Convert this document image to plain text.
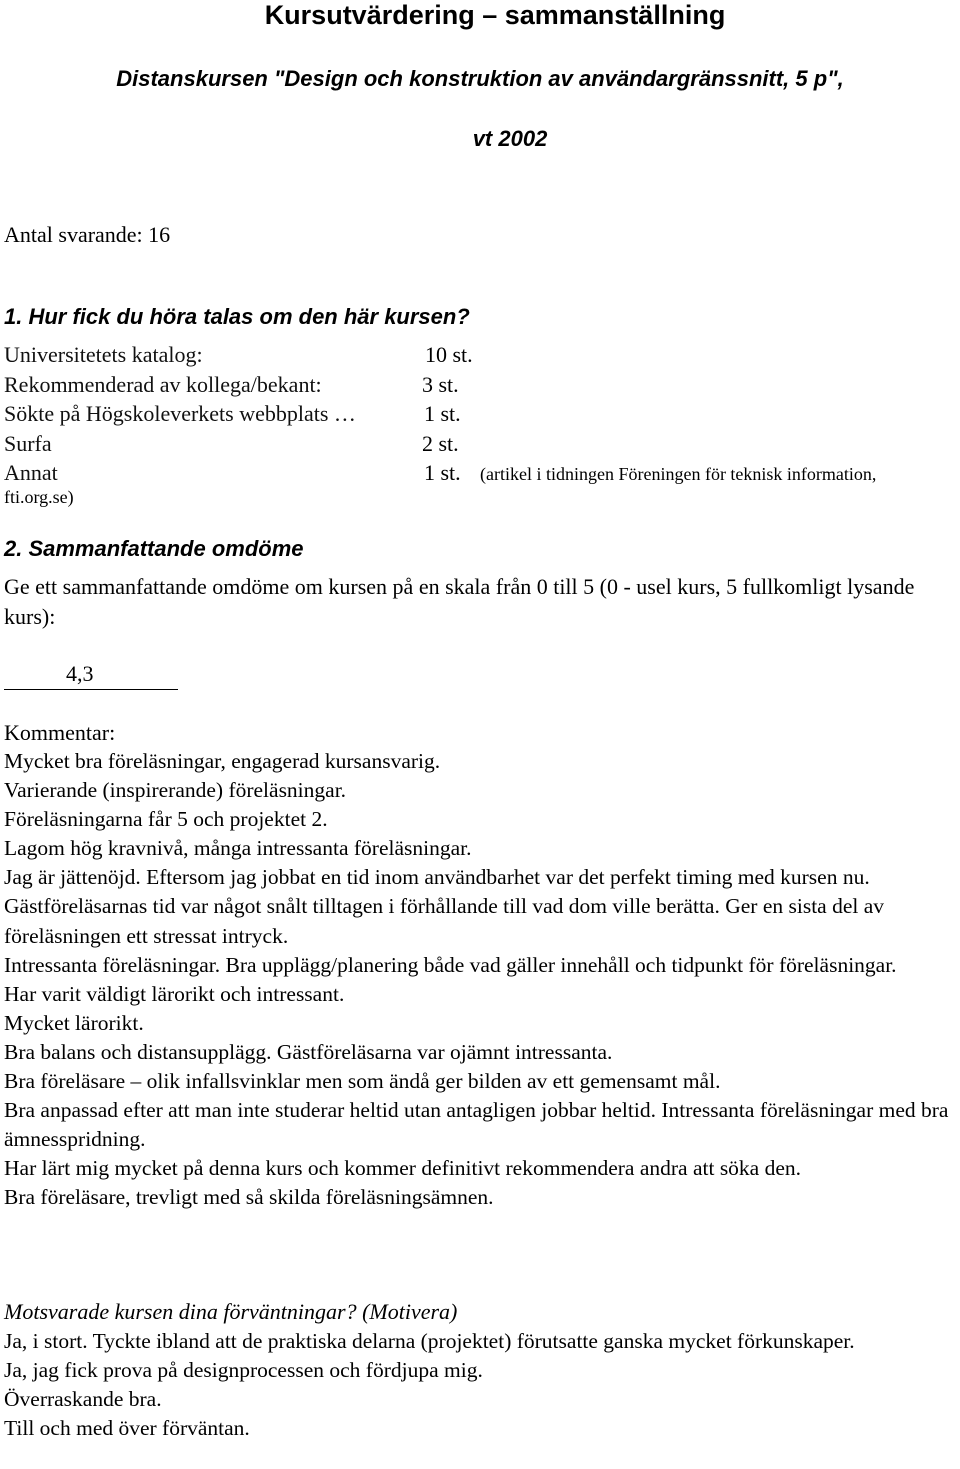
Kursutvärdering – sammanställning
Distanskursen "Design och konstruktion av användargränssnitt, 5 p",
vt 2002
Antal svarande: 16
1. Hur fick du höra talas om den här kursen?
Universitetets katalog:	10 st.
Rekommenderad av kollega/bekant:	3 st.
Sökte på Högskoleverkets webbplats …	1 st.
Surfa	2 st.
Annat	1 st. (artikel i tidningen Föreningen för teknisk information,
fti.org.se)
2. Sammanfattande omdöme
Ge ett sammanfattande omdöme om kursen på en skala från 0 till 5 (0 - usel kurs, 5 fullkomligt lysande kurs):
4,3
Kommentar:
Mycket bra föreläsningar, engagerad kursansvarig.
Varierande (inspirerande) föreläsningar.
Föreläsningarna får 5 och projektet 2.
Lagom hög kravnivå, många intressanta föreläsningar.
Jag är jättenöjd. Eftersom jag jobbat en tid inom användbarhet var det perfekt timing med kursen nu.
Gästföreläsarnas tid var något snålt tilltagen i förhållande till vad dom ville berätta. Ger en sista del av föreläsningen ett stressat intryck.
Intressanta föreläsningar. Bra upplägg/planering både vad gäller innehåll och tidpunkt för föreläsningar.
Har varit väldigt lärorikt och intressant.
Mycket lärorikt.
Bra balans och distansupplägg. Gästföreläsarna var ojämnt intressanta.
Bra föreläsare – olik infallsvinklar men som ändå ger bilden av ett gemensamt mål.
Bra anpassad efter att man inte studerar heltid utan antagligen jobbar heltid. Intressanta föreläsningar med bra ämnesspridning.
Har lärt mig mycket på denna kurs och kommer definitivt rekommendera andra att söka den.
Bra föreläsare, trevligt med så skilda föreläsningsämnen.
Motsvarade kursen dina förväntningar? (Motivera)
Ja, i stort. Tyckte ibland att de praktiska delarna (projektet) förutsatte ganska mycket förkunskaper.
Ja, jag fick prova på designprocessen och fördjupa mig.
Överraskande bra.
Till och med över förväntan.
